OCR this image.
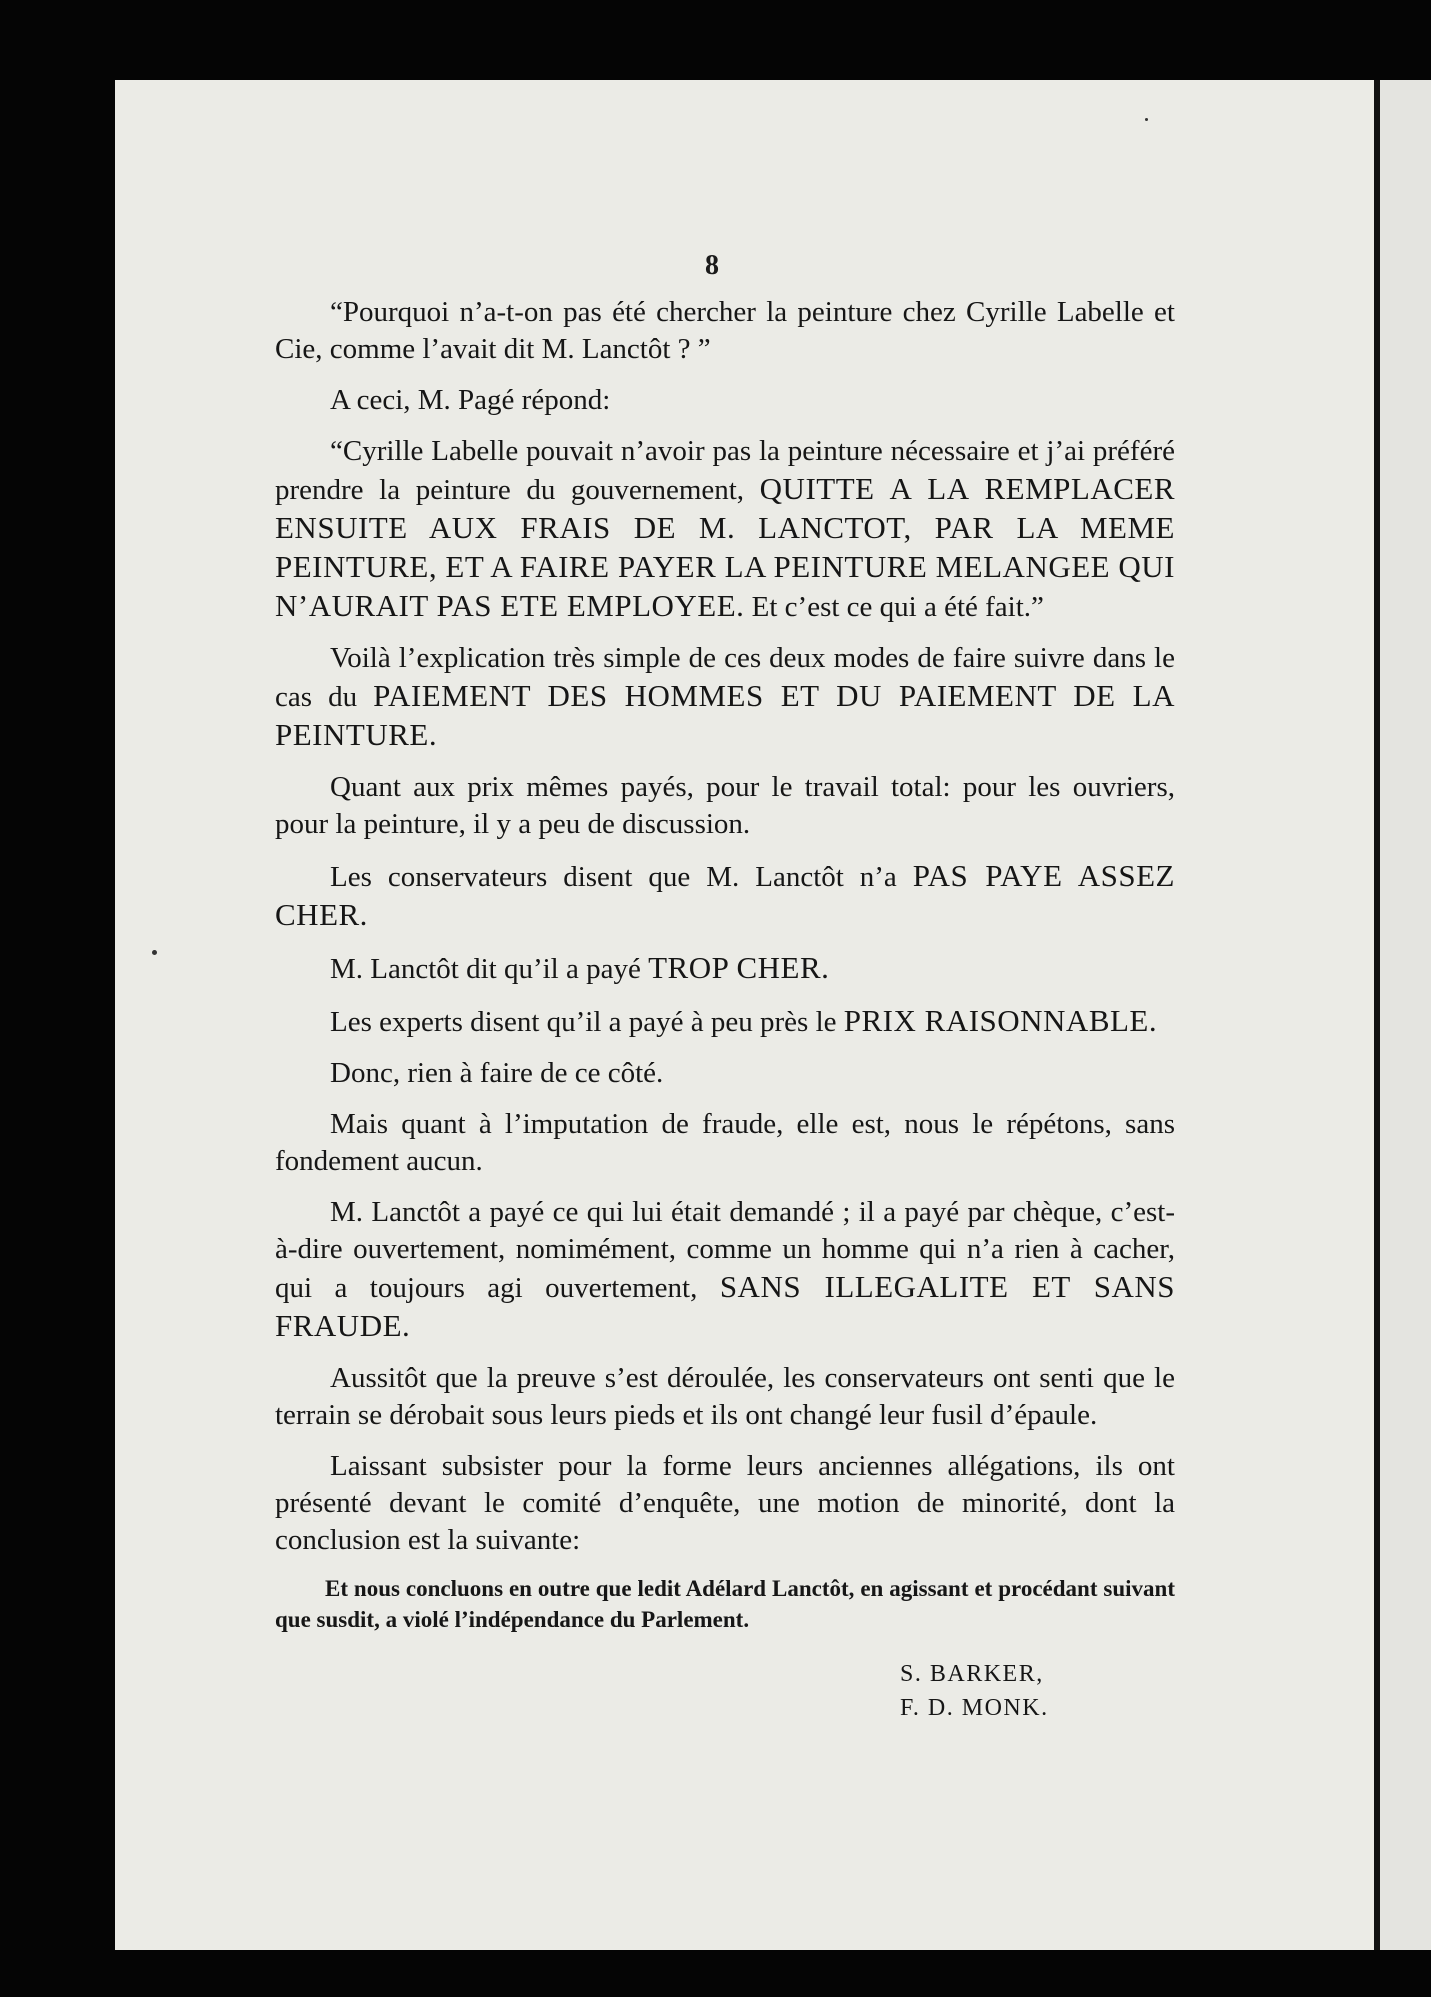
8

“Pourquoi n’a-t-on pas été chercher la peinture chez Cyrille Labelle et Cie, comme l’avait dit M. Lanctôt ? ”

A ceci, M. Pagé répond:

“Cyrille Labelle pouvait n’avoir pas la peinture nécessaire et j’ai préféré prendre la peinture du gouvernement, QUITTE A LA REMPLACER ENSUITE AUX FRAIS DE M. LANCTOT, PAR LA MEME PEINTURE, ET A FAIRE PAYER LA PEINTURE MELANGEE QUI N’AURAIT PAS ETE EMPLOYEE. Et c’est ce qui a été fait.”

Voilà l’explication très simple de ces deux modes de faire suivre dans le cas du PAIEMENT DES HOMMES ET DU PAIEMENT DE LA PEINTURE.

Quant aux prix mêmes payés, pour le travail total: pour les ouvriers, pour la peinture, il y a peu de discussion.

Les conservateurs disent que M. Lanctôt n’a PAS PAYE ASSEZ CHER.

M. Lanctôt dit qu’il a payé TROP CHER.

Les experts disent qu’il a payé à peu près le PRIX RAISONNABLE.

Donc, rien à faire de ce côté.

Mais quant à l’imputation de fraude, elle est, nous le répétons, sans fondement aucun.

M. Lanctôt a payé ce qui lui était demandé ; il a payé par chèque, c’est-à-dire ouvertement, nomimément, comme un homme qui n’a rien à cacher, qui a toujours agi ouvertement, SANS ILLEGALITE ET SANS FRAUDE.

Aussitôt que la preuve s’est déroulée, les conservateurs ont senti que le terrain se dérobait sous leurs pieds et ils ont changé leur fusil d’épaule.

Laissant subsister pour la forme leurs anciennes allégations, ils ont présenté devant le comité d’enquête, une motion de minorité, dont la conclusion est la suivante:

Et nous concluons en outre que ledit Adélard Lanctôt, en agissant et procédant suivant que susdit, a violé l’indépendance du Parlement.

S. BARKER,
F. D. MONK.
